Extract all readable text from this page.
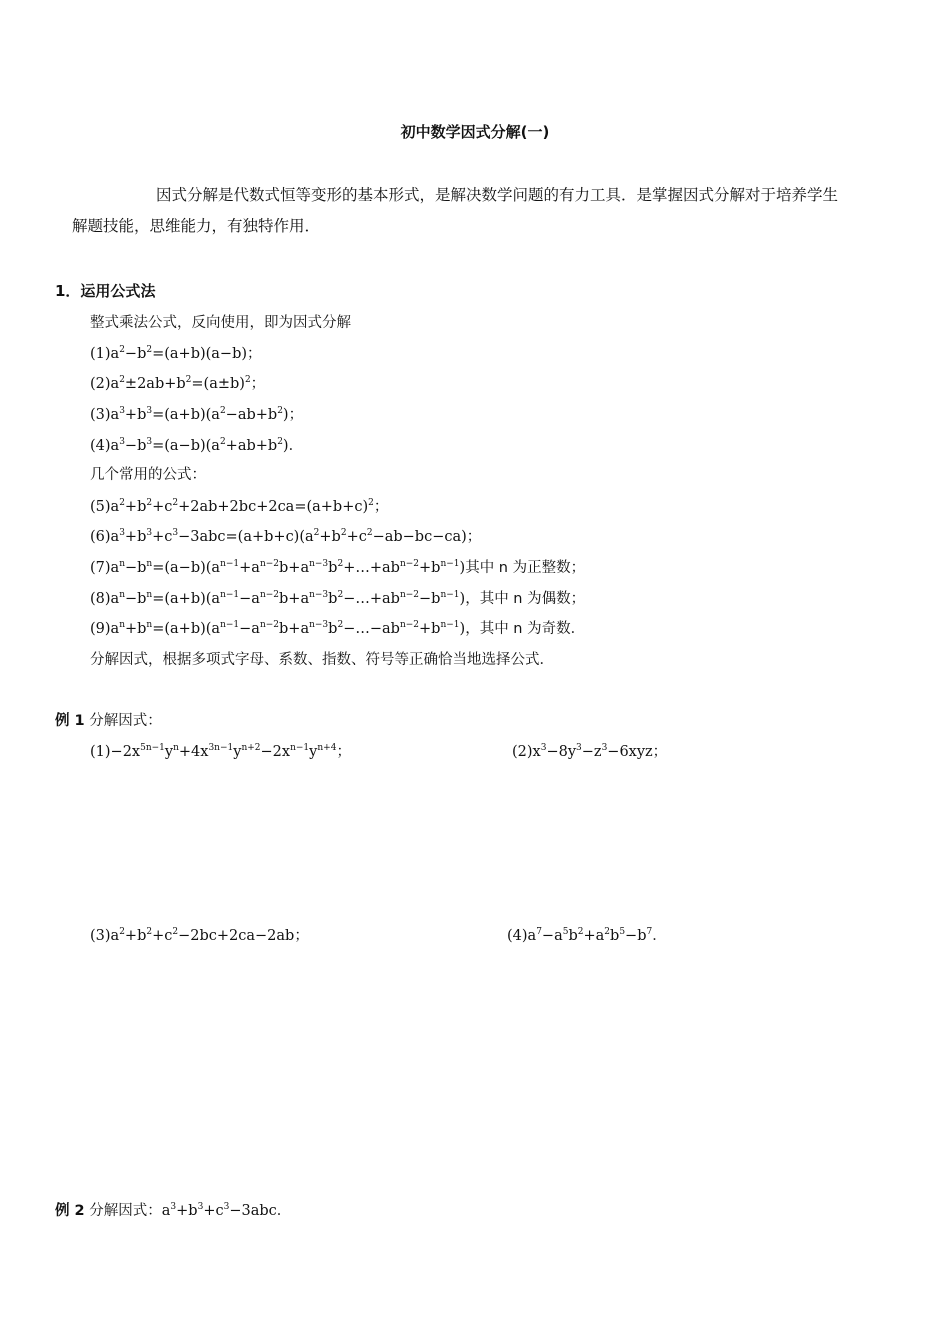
初中数学因式分解(一)
因式分解是代数式恒等变形的基本形式，是解决数学问题的有力工具．是掌握因式分解对于培养学生
解题技能，思维能力，有独特作用．
1．运用公式法
整式乘法公式，反向使用，即为因式分解
$(1)a^2-b^2=(a+b)(a-b)$；
$(2)a^2\pm 2ab+b^2=(a\pm b)^2$；
$(3)a^3+b^3=(a+b)(a^2-ab+b^2)$；
$(4)a^3-b^3=(a-b)(a^2+ab+b^2)$．
几个常用的公式：
$(5)a^2+b^2+c^2+2ab+2bc+2ca=(a+b+c)^2$；
$(6)a^3+b^3+c^3-3abc=(a+b+c)(a^2+b^2+c^2-ab-bc-ca)$；
$(7)a^n-b^n=(a-b)(a^{n-1}+a^{n-2}b+a^{n-3}b^2+\dots+ab^{n-2}+b^{n-1})$其中 n 为正整数；
$(8)a^n-b^n=(a+b)(a^{n-1}-a^{n-2}b+a^{n-3}b^2-\dots+ab^{n-2}-b^{n-1})$，其中 n 为偶数；
$(9)a^n+b^n=(a+b)(a^{n-1}-a^{n-2}b+a^{n-3}b^2-\dots-ab^{n-2}+b^{n-1})$，其中 n 为奇数．
分解因式，根据多项式字母、系数、指数、符号等正确恰当地选择公式．
例 1 分解因式：
$(1)-2x^{5n-1}y^n+4x^{3n-1}y^{n+2}-2x^{n-1}y^{n+4}$；	$(2)x^3-8y^3-z^3-6xyz$；
$(3)a^2+b^2+c^2-2bc+2ca-2ab$；	$(4)a^7-a^5b^2+a^2b^5-b^7$．
例 2 分解因式：$a^3+b^3+c^3-3abc$．
